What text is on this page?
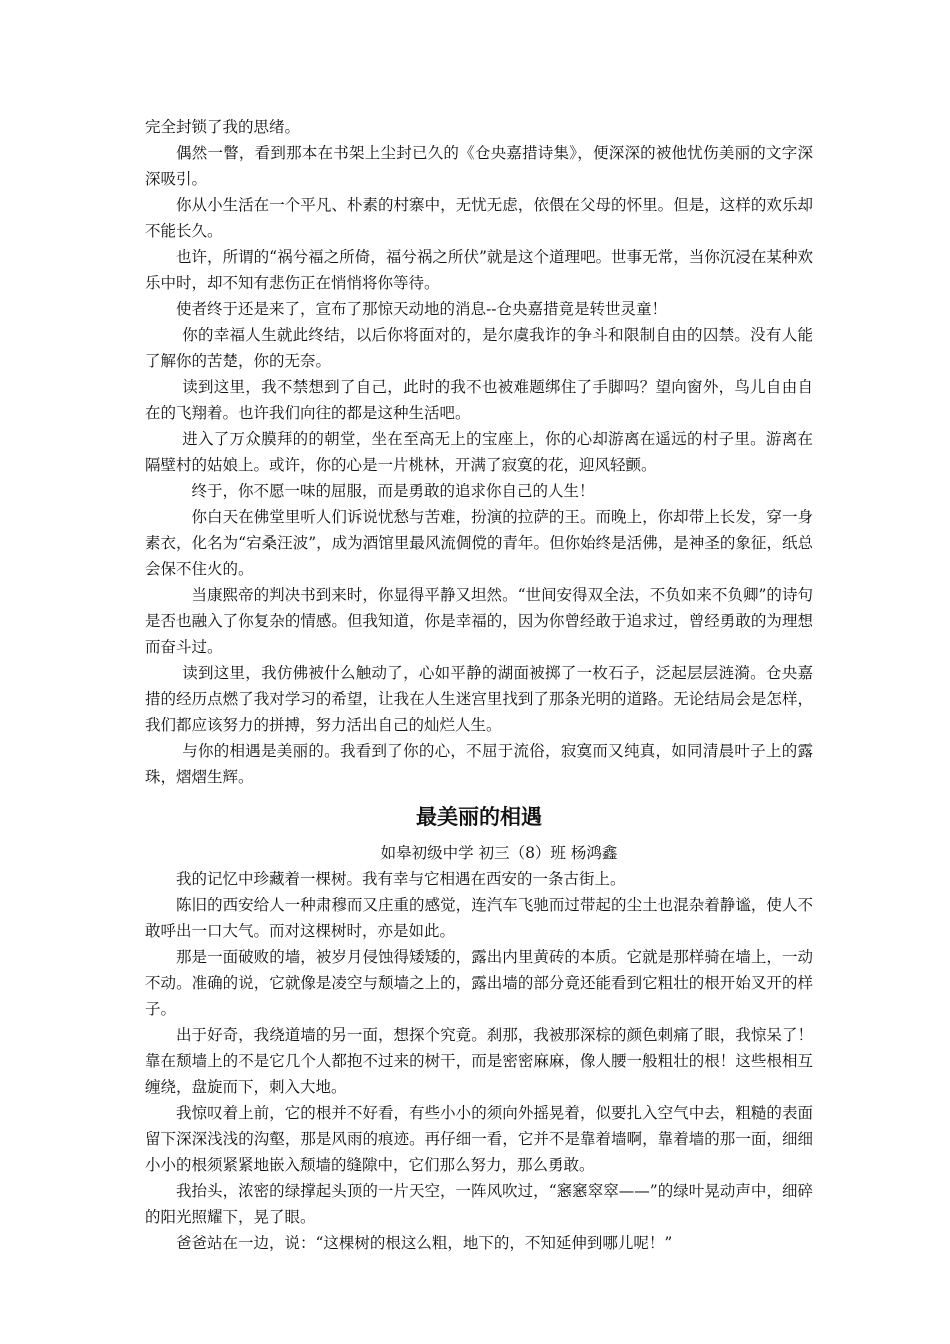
完全封锁了我的思绪。

偶然一瞥，看到那本在书架上尘封已久的《仓央嘉措诗集》，便深深的被他忧伤美丽的文字深深吸引。

你从小生活在一个平凡、朴素的村寨中，无忧无虑，依偎在父母的怀里。但是，这样的欢乐却不能长久。

也许，所谓的“祸兮福之所倚，福兮祸之所伏”就是这个道理吧。世事无常，当你沉浸在某种欢乐中时，却不知有悲伤正在悄悄将你等待。

使者终于还是来了，宣布了那惊天动地的消息--仓央嘉措竟是转世灵童！

你的幸福人生就此终结，以后你将面对的，是尔虞我诈的争斗和限制自由的囚禁。没有人能了解你的苦楚，你的无奈。

读到这里，我不禁想到了自己，此时的我不也被难题绑住了手脚吗？望向窗外，鸟儿自由自在的飞翔着。也许我们向往的都是这种生活吧。

进入了万众膜拜的的朝堂，坐在至高无上的宝座上，你的心却游离在遥远的村子里。游离在隔壁村的姑娘上。或许，你的心是一片桃林，开满了寂寞的花，迎风轻颤。

终于，你不愿一味的屈服，而是勇敢的追求你自己的人生！

你白天在佛堂里听人们诉说忧愁与苦难，扮演的拉萨的王。而晚上，你却带上长发，穿一身素衣，化名为“宕桑汪波”，成为酒馆里最风流倜傥的青年。但你始终是活佛，是神圣的象征，纸总会保不住火的。

当康熙帝的判决书到来时，你显得平静又坦然。“世间安得双全法，不负如来不负卿”的诗句是否也融入了你复杂的情感。但我知道，你是幸福的，因为你曾经敢于追求过，曾经勇敢的为理想而奋斗过。

读到这里，我仿佛被什么触动了，心如平静的湖面被掷了一枚石子，泛起层层涟漪。仓央嘉措的经历点燃了我对学习的希望，让我在人生迷宫里找到了那条光明的道路。无论结局会是怎样，我们都应该努力的拼搏，努力活出自己的灿烂人生。

与你的相遇是美丽的。我看到了你的心，不屈于流俗，寂寞而又纯真，如同清晨叶子上的露珠，熠熠生辉。

最美丽的相遇

如皋初级中学 初三（8）班 杨鸿鑫

我的记忆中珍藏着一棵树。我有幸与它相遇在西安的一条古街上。

陈旧的西安给人一种肃穆而又庄重的感觉，连汽车飞驰而过带起的尘土也混杂着静谧，使人不敢呼出一口大气。而对这棵树时，亦是如此。

那是一面破败的墙，被岁月侵蚀得矮矮的，露出内里黄砖的本质。它就是那样骑在墙上，一动不动。准确的说，它就像是凌空与颓墙之上的，露出墙的部分竟还能看到它粗壮的根开始叉开的样子。

出于好奇，我绕道墙的另一面，想探个究竟。刹那，我被那深棕的颜色刺痛了眼，我惊呆了！靠在颓墙上的不是它几个人都抱不过来的树干，而是密密麻麻，像人腰一般粗壮的根！这些根相互缠绕，盘旋而下，刺入大地。

我惊叹着上前，它的根并不好看，有些小小的须向外摇晃着，似要扎入空气中去，粗糙的表面留下深深浅浅的沟壑，那是风雨的痕迹。再仔细一看，它并不是靠着墙啊，靠着墙的那一面，细细小小的根须紧紧地嵌入颓墙的缝隙中，它们那么努力，那么勇敢。

我抬头，浓密的绿撑起头顶的一片天空，一阵风吹过，“窸窸窣窣——”的绿叶晃动声中，细碎的阳光照耀下，晃了眼。

爸爸站在一边，说：“这棵树的根这么粗，地下的，不知延伸到哪儿呢！”
